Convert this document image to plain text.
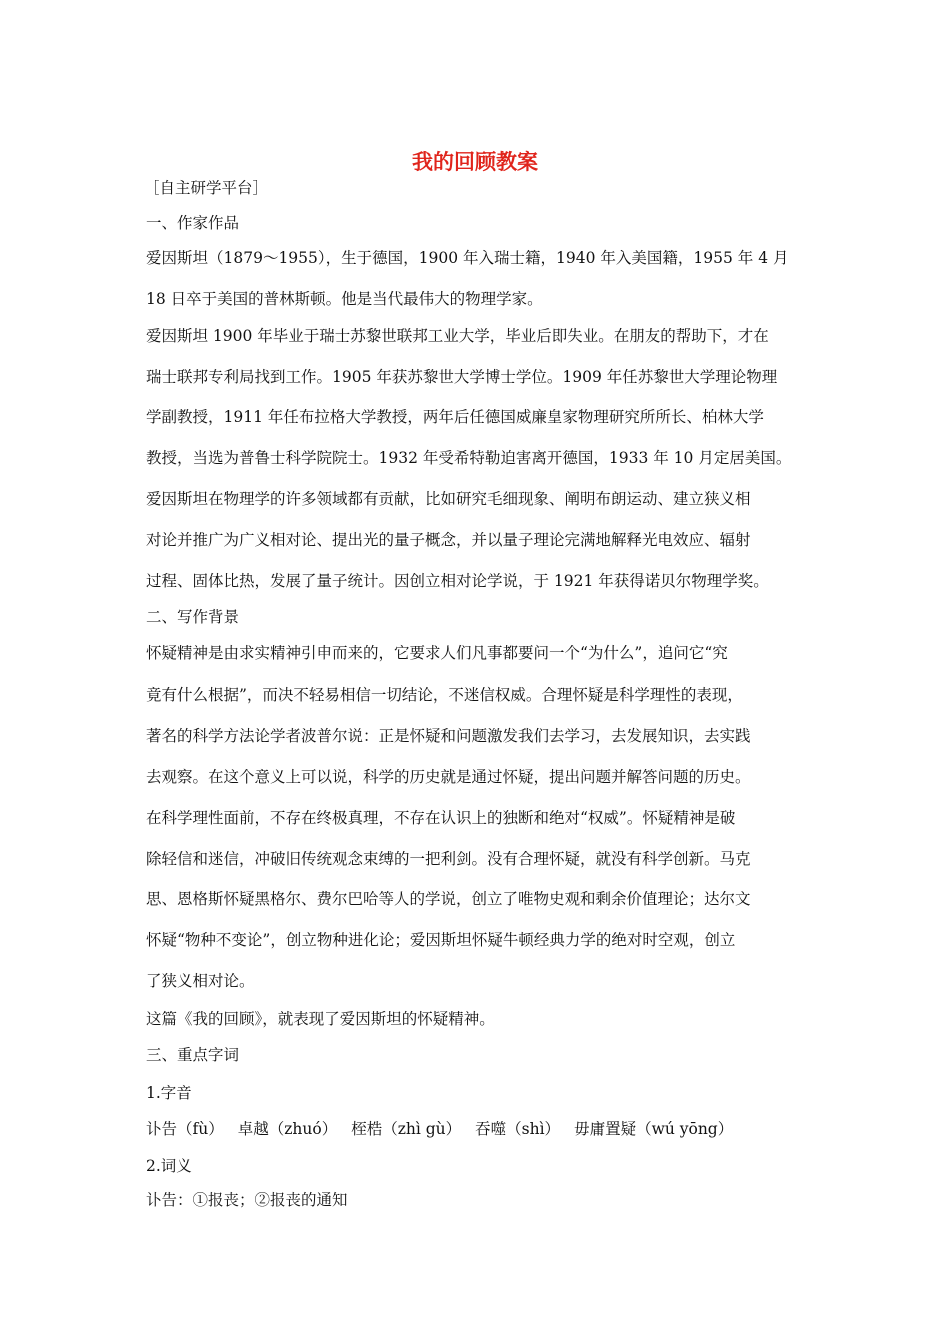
我的回顾教案
［自主研学平台］
一、作家作品
爱因斯坦（1879～1955），生于德国，1900 年入瑞士籍，1940 年入美国籍，1955 年 4 月
18 日卒于美国的普林斯顿。他是当代最伟大的物理学家。
爱因斯坦 1900 年毕业于瑞士苏黎世联邦工业大学，毕业后即失业。在朋友的帮助下，才在
瑞士联邦专利局找到工作。1905 年获苏黎世大学博士学位。1909 年任苏黎世大学理论物理
学副教授，1911 年任布拉格大学教授，两年后任德国威廉皇家物理研究所所长、柏林大学
教授，当选为普鲁士科学院院士。1932 年受希特勒迫害离开德国，1933 年 10 月定居美国。
爱因斯坦在物理学的许多领域都有贡献，比如研究毛细现象、阐明布朗运动、建立狭义相
对论并推广为广义相对论、提出光的量子概念，并以量子理论完满地解释光电效应、辐射
过程、固体比热，发展了量子统计。因创立相对论学说，于 1921 年获得诺贝尔物理学奖。
二、写作背景
怀疑精神是由求实精神引申而来的，它要求人们凡事都要问一个“为什么”，追问它“究
竟有什么根据”，而决不轻易相信一切结论，不迷信权威。合理怀疑是科学理性的表现，
著名的科学方法论学者波普尔说：正是怀疑和问题激发我们去学习，去发展知识，去实践
去观察。在这个意义上可以说，科学的历史就是通过怀疑，提出问题并解答问题的历史。
在科学理性面前，不存在终极真理，不存在认识上的独断和绝对“权威”。怀疑精神是破
除轻信和迷信，冲破旧传统观念束缚的一把利剑。没有合理怀疑，就没有科学创新。马克
思、恩格斯怀疑黑格尔、费尔巴哈等人的学说，创立了唯物史观和剩余价值理论；达尔文
怀疑“物种不变论”，创立物种进化论；爱因斯坦怀疑牛顿经典力学的绝对时空观，创立
了狭义相对论。
这篇《我的回顾》，就表现了爱因斯坦的怀疑精神。
三、重点字词
1.字音
讣告（fù） 卓越（zhuó） 桎梏（zhì gù） 吞噬（shì） 毋庸置疑（wú yōng）
2.词义
讣告：①报丧；②报丧的通知
